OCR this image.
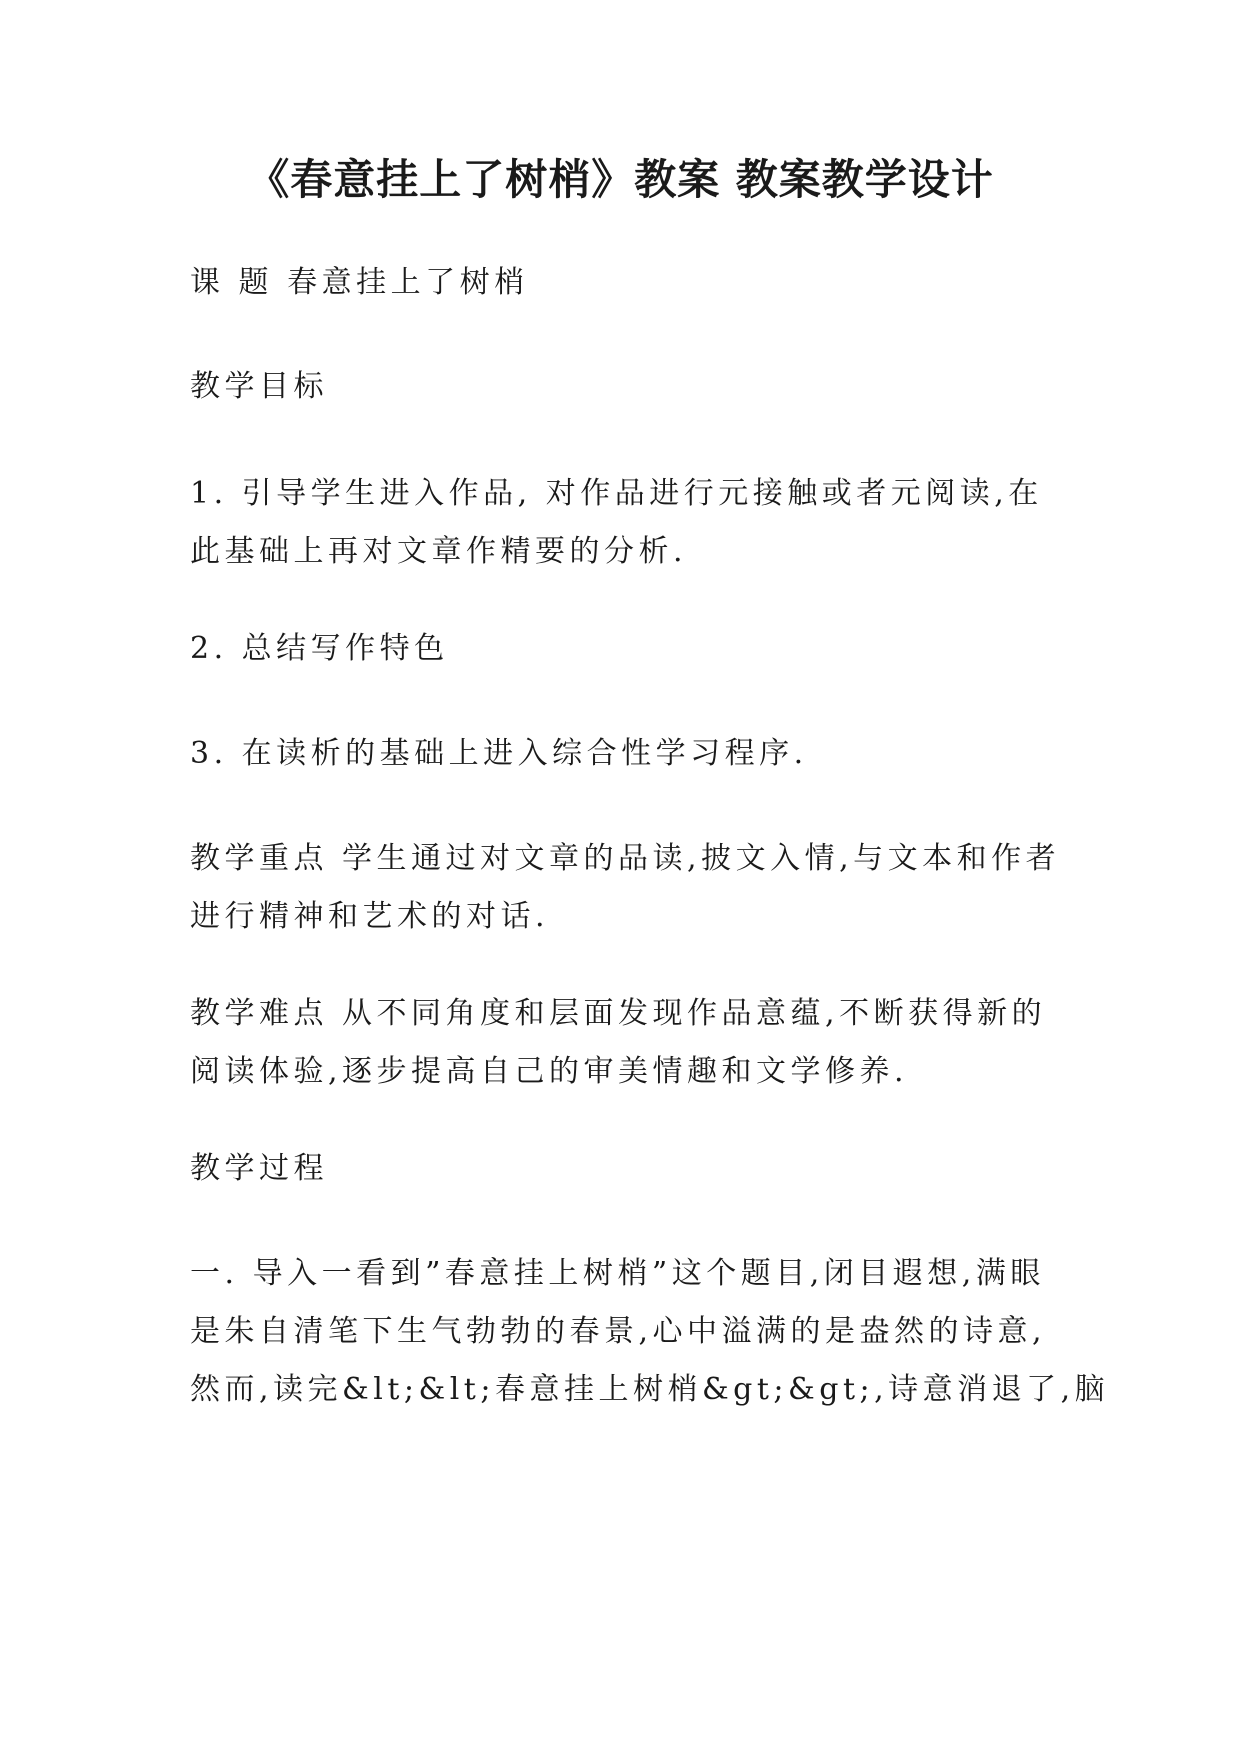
《春意挂上了树梢》教案 教案教学设计
课 题 春意挂上了树梢
教学目标
1. 引导学生进入作品, 对作品进行元接触或者元阅读,在
此基础上再对文章作精要的分析.
2. 总结写作特色
3. 在读析的基础上进入综合性学习程序.
教学重点 学生通过对文章的品读,披文入情,与文本和作者
进行精神和艺术的对话.
教学难点 从不同角度和层面发现作品意蕴,不断获得新的
阅读体验,逐步提高自己的审美情趣和文学修养.
教学过程
一. 导入一看到”春意挂上树梢”这个题目,闭目遐想,满眼
是朱自清笔下生气勃勃的春景,心中溢满的是盎然的诗意,
然而,读完&lt;&lt;春意挂上树梢&gt;&gt;,诗意消退了,脑
